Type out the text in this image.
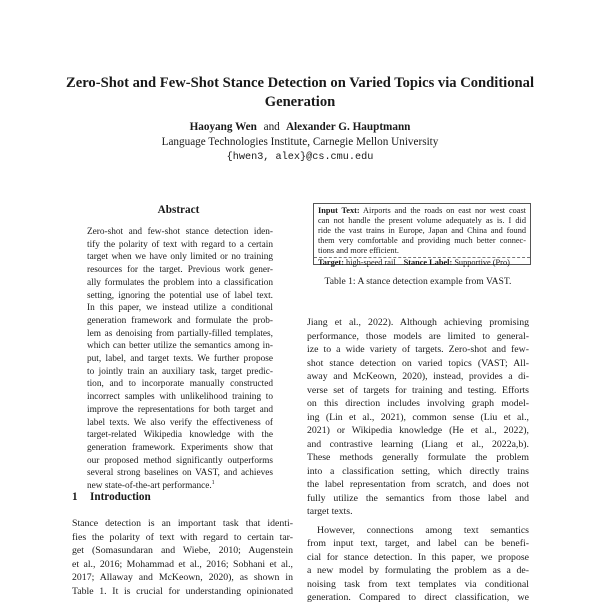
Zero-Shot and Few-Shot Stance Detection on Varied Topics via Conditional
Generation
Haoyang Wen and Alexander G. Hauptmann
Language Technologies Institute, Carnegie Mellon University
{hwen3, alex}@cs.cmu.edu
Abstract
Zero-shot and few-shot stance detection iden-
tify the polarity of text with regard to a certain
target when we have only limited or no training
resources for the target. Previous work gener-
ally formulates the problem into a classification
setting, ignoring the potential use of label text.
In this paper, we instead utilize a conditional
generation framework and formulate the prob-
lem as denoising from partially-filled templates,
which can better utilize the semantics among in-
put, label, and target texts. We further propose
to jointly train an auxiliary task, target predic-
tion, and to incorporate manually constructed
incorrect samples with unlikelihood training to
improve the representations for both target and
label texts. We also verify the effectiveness of
target-related Wikipedia knowledge with the
generation framework. Experiments show that
our proposed method significantly outperforms
several strong baselines on VAST, and achieves
new state-of-the-art performance.$^1$
1 Introduction
Stance detection is an important task that identi-
fies the polarity of text with regard to certain tar-
get (Somasundaran and Wiebe, 2010; Augenstein
et al., 2016; Mohammad et al., 2016; Sobhani et al.,
2017; Allaway and McKeown, 2020), as shown in
Table 1. It is crucial for understanding opinionated
Input Text: Airports and the roads on east nor west coast
can not handle the present volume adequately as is. I did
ride the vast trains in Europe, Japan and China and found
them very comfortable and providing much better connec-
tions and more efficient.
Target: high-speed rail Stance Label: Supportive (Pro)
Table 1: A stance detection example from VAST.
Jiang et al., 2022). Although achieving promising
performance, those models are limited to general-
ize to a wide variety of targets. Zero-shot and few-
shot stance detection on varied topics (VAST; All-
away and McKeown, 2020), instead, provides a di-
verse set of targets for training and testing. Efforts
on this direction includes involving graph model-
ing (Lin et al., 2021), common sense (Liu et al.,
2021) or Wikipedia knowledge (He et al., 2022),
and contrastive learning (Liang et al., 2022a,b).
These methods generally formulate the problem
into a classification setting, which directly trains
the label representation from scratch, and does not
fully utilize the semantics from those label and
target texts.
However, connections among text semantics
from input text, target, and label can be benefi-
cial for stance detection. In this paper, we propose
a new model by formulating the problem as a de-
noising task from text templates via conditional
generation. Compared to direct classification, we
